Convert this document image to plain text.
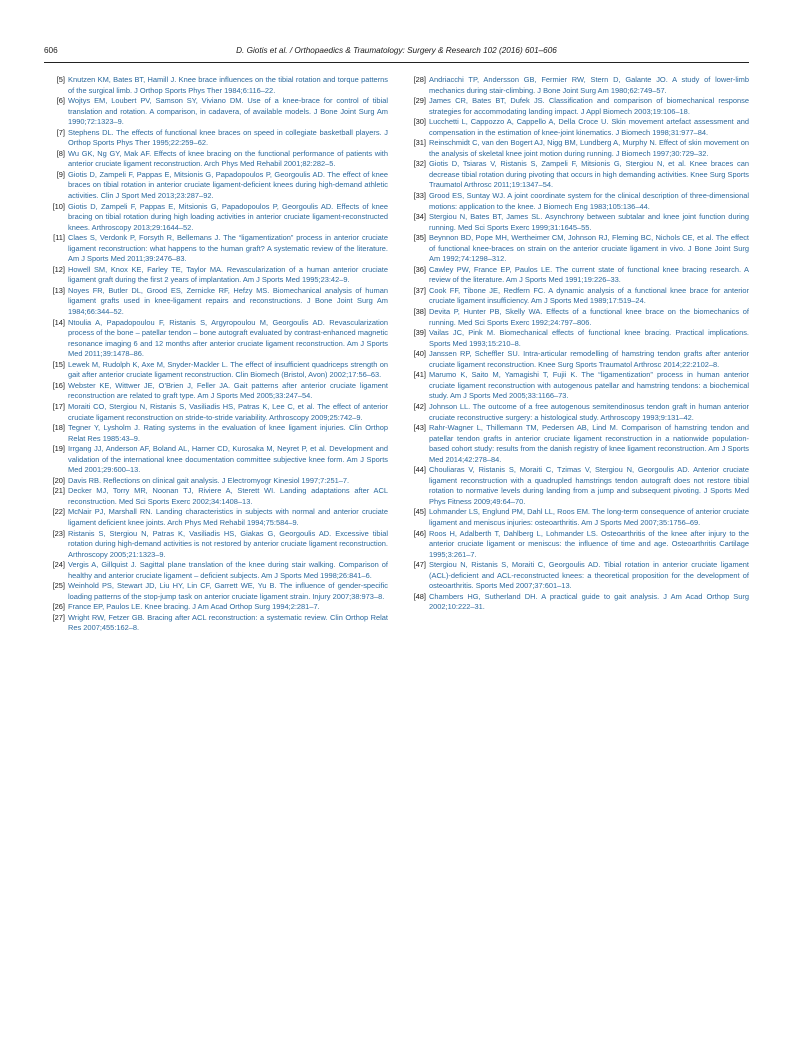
606	D. Giotis et al. / Orthopaedics & Traumatology: Surgery & Research 102 (2016) 601–606
[5] Knutzen KM, Bates BT, Hamill J. Knee brace influences on the tibial rotation and torque patterns of the surgical limb. J Orthop Sports Phys Ther 1984;6:116–22.
[6] Wojtys EM, Loubert PV, Samson SY, Viviano DM. Use of a knee-brace for control of tibial translation and rotation. A comparison, in cadavera, of available models. J Bone Joint Surg Am 1990;72:1323–9.
[7] Stephens DL. The effects of functional knee braces on speed in collegiate basketball players. J Orthop Sports Phys Ther 1995;22:259–62.
[8] Wu GK, Ng GY, Mak AF. Effects of knee bracing on the functional performance of patients with anterior cruciate ligament reconstruction. Arch Phys Med Rehabil 2001;82:282–5.
[9] Giotis D, Zampeli F, Pappas E, Mitsionis G, Papadopoulos P, Georgoulis AD. The effect of knee braces on tibial rotation in anterior cruciate ligament-deficient knees during high-demand athletic activities. Clin J Sport Med 2013;23:287–92.
[10] Giotis D, Zampeli F, Pappas E, Mitsionis G, Papadopoulos P, Georgoulis AD. Effects of knee bracing on tibial rotation during high loading activities in anterior cruciate ligament-reconstructed knees. Arthroscopy 2013;29:1644–52.
[11] Claes S, Verdonk P, Forsyth R, Bellemans J. The “ligamentization” process in anterior cruciate ligament reconstruction: what happens to the human graft? A systematic review of the literature. Am J Sports Med 2011;39:2476–83.
[12] Howell SM, Knox KE, Farley TE, Taylor MA. Revascularization of a human anterior cruciate ligament graft during the first 2 years of implantation. Am J Sports Med 1995;23:42–9.
[13] Noyes FR, Butler DL, Grood ES, Zernicke RF, Hefzy MS. Biomechanical analysis of human ligament grafts used in knee-ligament repairs and reconstructions. J Bone Joint Surg Am 1984;66:344–52.
[14] Ntoulia A, Papadopoulou F, Ristanis S, Argyropoulou M, Georgoulis AD. Revascularization process of the bone – patellar tendon – bone autograft evaluated by contrast-enhanced magnetic resonance imaging 6 and 12 months after anterior cruciate ligament reconstruction. Am J Sports Med 2011;39:1478–86.
[15] Lewek M, Rudolph K, Axe M, Snyder-Mackler L. The effect of insufficient quadriceps strength on gait after anterior cruciate ligament reconstruction. Clin Biomech (Bristol, Avon) 2002;17:56–63.
[16] Webster KE, Wittwer JE, O’Brien J, Feller JA. Gait patterns after anterior cruciate ligament reconstruction are related to graft type. Am J Sports Med 2005;33:247–54.
[17] Moraiti CO, Stergiou N, Ristanis S, Vasiliadis HS, Patras K, Lee C, et al. The effect of anterior cruciate ligament reconstruction on stride-to-stride variability. Arthroscopy 2009;25:742–9.
[18] Tegner Y, Lysholm J. Rating systems in the evaluation of knee ligament injuries. Clin Orthop Relat Res 1985:43–9.
[19] Irrgang JJ, Anderson AF, Boland AL, Harner CD, Kurosaka M, Neyret P, et al. Development and validation of the international knee documentation committee subjective knee form. Am J Sports Med 2001;29:600–13.
[20] Davis RB. Reflections on clinical gait analysis. J Electromyogr Kinesiol 1997;7:251–7.
[21] Decker MJ, Torry MR, Noonan TJ, Riviere A, Sterett WI. Landing adaptations after ACL reconstruction. Med Sci Sports Exerc 2002;34:1408–13.
[22] McNair PJ, Marshall RN. Landing characteristics in subjects with normal and anterior cruciate ligament deficient knee joints. Arch Phys Med Rehabil 1994;75:584–9.
[23] Ristanis S, Stergiou N, Patras K, Vasiliadis HS, Giakas G, Georgoulis AD. Excessive tibial rotation during high-demand activities is not restored by anterior cruciate ligament reconstruction. Arthroscopy 2005;21:1323–9.
[24] Vergis A, Gillquist J. Sagittal plane translation of the knee during stair walking. Comparison of healthy and anterior cruciate ligament – deficient subjects. Am J Sports Med 1998;26:841–6.
[25] Weinhold PS, Stewart JD, Liu HY, Lin CF, Garrett WE, Yu B. The influence of gender-specific loading patterns of the stop-jump task on anterior cruciate ligament strain. Injury 2007;38:973–8.
[26] France EP, Paulos LE. Knee bracing. J Am Acad Orthop Surg 1994;2:281–7.
[27] Wright RW, Fetzer GB. Bracing after ACL reconstruction: a systematic review. Clin Orthop Relat Res 2007;455:162–8.
[28] Andriacchi TP, Andersson GB, Fermier RW, Stern D, Galante JO. A study of lower-limb mechanics during stair-climbing. J Bone Joint Surg Am 1980;62:749–57.
[29] James CR, Bates BT, Dufek JS. Classification and comparison of biomechanical response strategies for accommodating landing impact. J Appl Biomech 2003;19:106–18.
[30] Lucchetti L, Cappozzo A, Cappello A, Della Croce U. Skin movement artefact assessment and compensation in the estimation of knee-joint kinematics. J Biomech 1998;31:977–84.
[31] Reinschmidt C, van den Bogert AJ, Nigg BM, Lundberg A, Murphy N. Effect of skin movement on the analysis of skeletal knee joint motion during running. J Biomech 1997;30:729–32.
[32] Giotis D, Tsiaras V, Ristanis S, Zampeli F, Mitsionis G, Stergiou N, et al. Knee braces can decrease tibial rotation during pivoting that occurs in high demanding activities. Knee Surg Sports Traumatol Arthrosc 2011;19:1347–54.
[33] Grood ES, Suntay WJ. A joint coordinate system for the clinical description of three-dimensional motions: application to the knee. J Biomech Eng 1983;105:136–44.
[34] Stergiou N, Bates BT, James SL. Asynchrony between subtalar and knee joint function during running. Med Sci Sports Exerc 1999;31:1645–55.
[35] Beynnon BD, Pope MH, Wertheimer CM, Johnson RJ, Fleming BC, Nichols CE, et al. The effect of functional knee-braces on strain on the anterior cruciate ligament in vivo. J Bone Joint Surg Am 1992;74:1298–312.
[36] Cawley PW, France EP, Paulos LE. The current state of functional knee bracing research. A review of the literature. Am J Sports Med 1991;19:226–33.
[37] Cook FF, Tibone JE, Redfern FC. A dynamic analysis of a functional knee brace for anterior cruciate ligament insufficiency. Am J Sports Med 1989;17:519–24.
[38] Devita P, Hunter PB, Skelly WA. Effects of a functional knee brace on the biomechanics of running. Med Sci Sports Exerc 1992;24:797–806.
[39] Vailas JC, Pink M. Biomechanical effects of functional knee bracing. Practical implications. Sports Med 1993;15:210–8.
[40] Janssen RP, Scheffler SU. Intra-articular remodelling of hamstring tendon grafts after anterior cruciate ligament reconstruction. Knee Surg Sports Traumatol Arthrosc 2014;22:2102–8.
[41] Marumo K, Saito M, Yamagishi T, Fujii K. The “ligamentization” process in human anterior cruciate ligament reconstruction with autogenous patellar and hamstring tendons: a biochemical study. Am J Sports Med 2005;33:1166–73.
[42] Johnson LL. The outcome of a free autogenous semitendinosus tendon graft in human anterior cruciate reconstructive surgery: a histological study. Arthroscopy 1993;9:131–42.
[43] Rahr-Wagner L, Thillemann TM, Pedersen AB, Lind M. Comparison of hamstring tendon and patellar tendon grafts in anterior cruciate ligament reconstruction in a nationwide population-based cohort study: results from the danish registry of knee ligament reconstruction. Am J Sports Med 2014;42:278–84.
[44] Chouliaras V, Ristanis S, Moraiti C, Tzimas V, Stergiou N, Georgoulis AD. Anterior cruciate ligament reconstruction with a quadrupled hamstrings tendon autograft does not restore tibial rotation to normative levels during landing from a jump and subsequent pivoting. J Sports Med Phys Fitness 2009;49:64–70.
[45] Lohmander LS, Englund PM, Dahl LL, Roos EM. The long-term consequence of anterior cruciate ligament and meniscus injuries: osteoarthritis. Am J Sports Med 2007;35:1756–69.
[46] Roos H, Adalberth T, Dahlberg L, Lohmander LS. Osteoarthritis of the knee after injury to the anterior cruciate ligament or meniscus: the influence of time and age. Osteoarthritis Cartilage 1995;3:261–7.
[47] Stergiou N, Ristanis S, Moraiti C, Georgoulis AD. Tibial rotation in anterior cruciate ligament (ACL)-deficient and ACL-reconstructed knees: a theoretical proposition for the development of osteoarthritis. Sports Med 2007;37:601–13.
[48] Chambers HG, Sutherland DH. A practical guide to gait analysis. J Am Acad Orthop Surg 2002;10:222–31.
